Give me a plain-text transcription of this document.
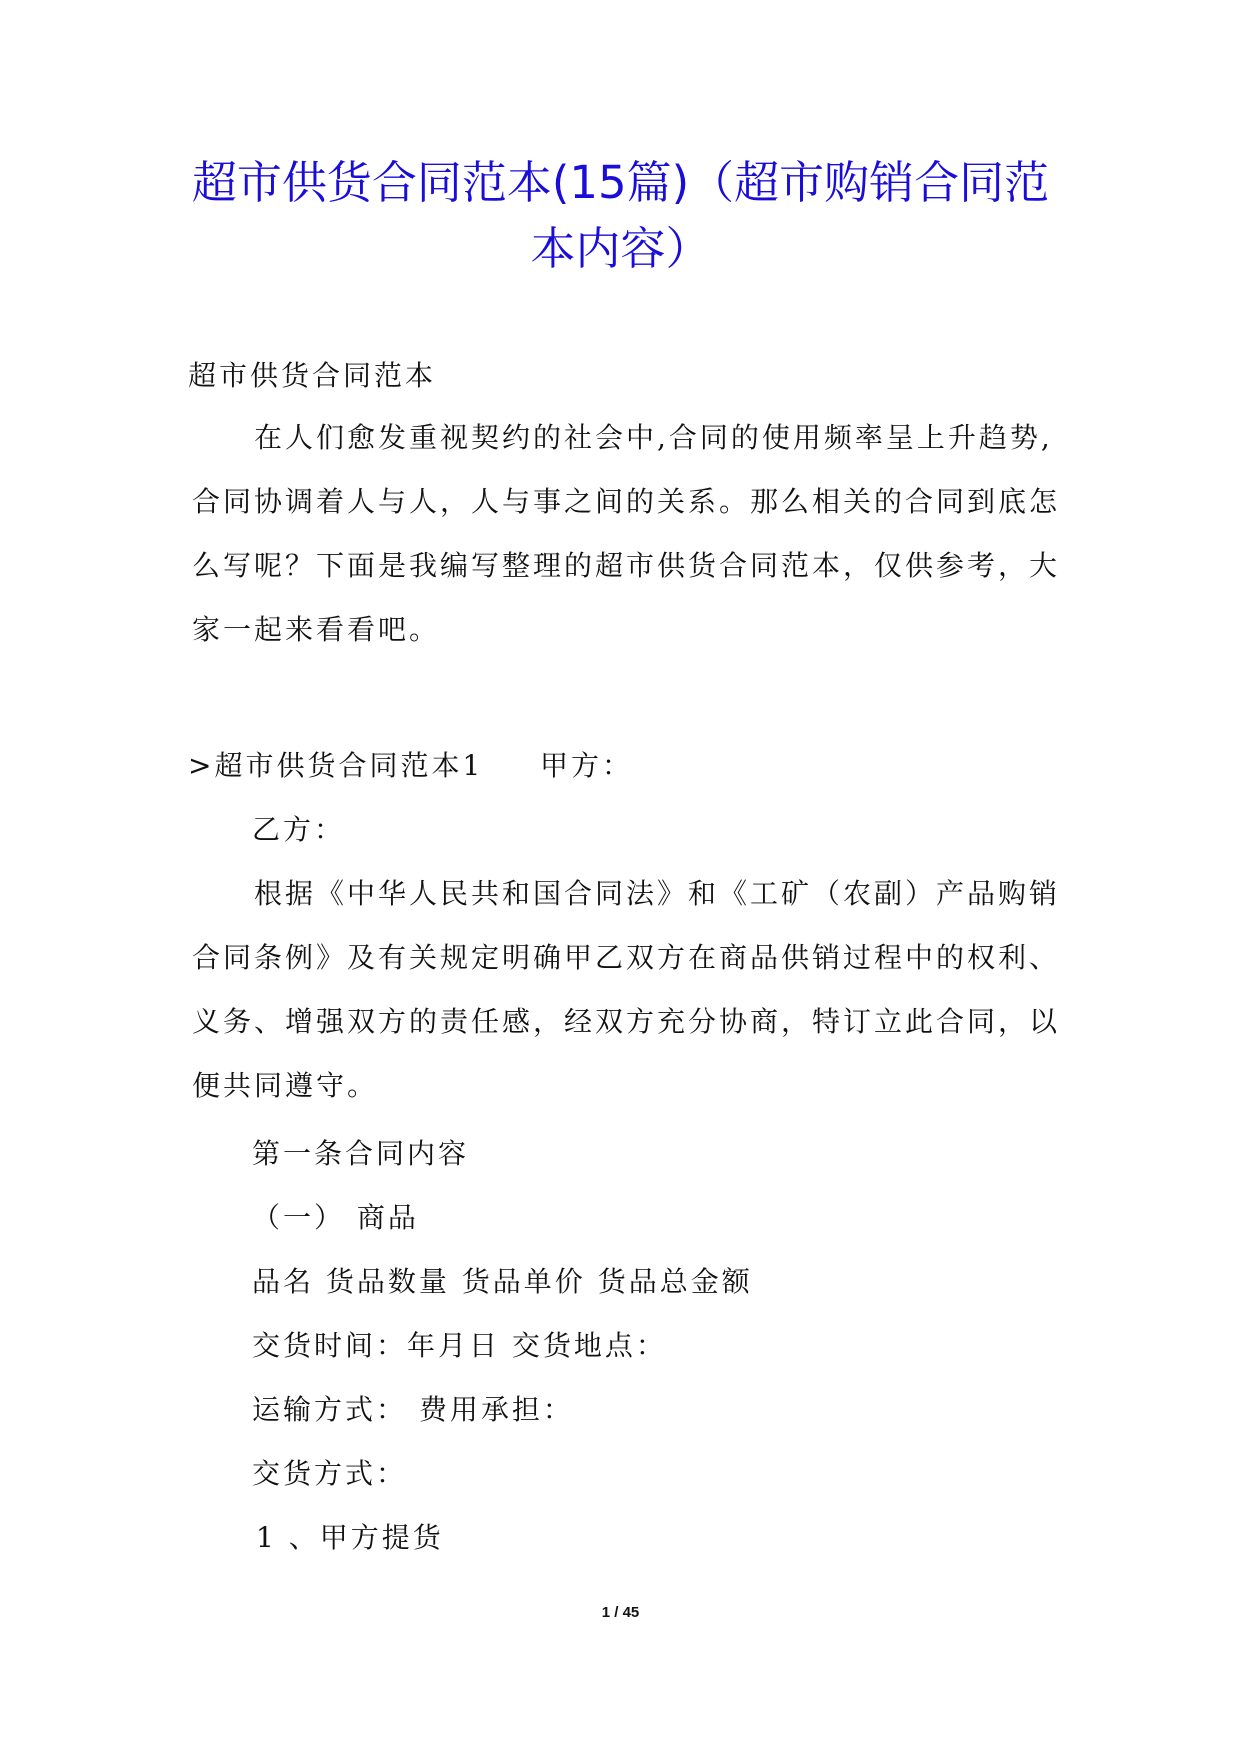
超市供货合同范本(15篇)（超市购销合同范
本内容）
超市供货合同范本
在人们愈发重视契约的社会中,合同的使用频率呈上升趋势,
合同协调着人与人，人与事之间的关系。那么相关的合同到底怎
么写呢？下面是我编写整理的超市供货合同范本，仅供参考，大
家一起来看看吧。
>超市供货合同范本1 甲方：
乙方：
根据《中华人民共和国合同法》和《工矿（农副）产品购销
合同条例》及有关规定明确甲乙双方在商品供销过程中的权利、
义务、增强双方的责任感，经双方充分协商，特订立此合同，以
便共同遵守。
第一条合同内容
（一） 商品
品名 货品数量 货品单价 货品总金额
交货时间：年月日 交货地点：
运输方式： 费用承担：
交货方式：
1 、甲方提货
1 / 45
